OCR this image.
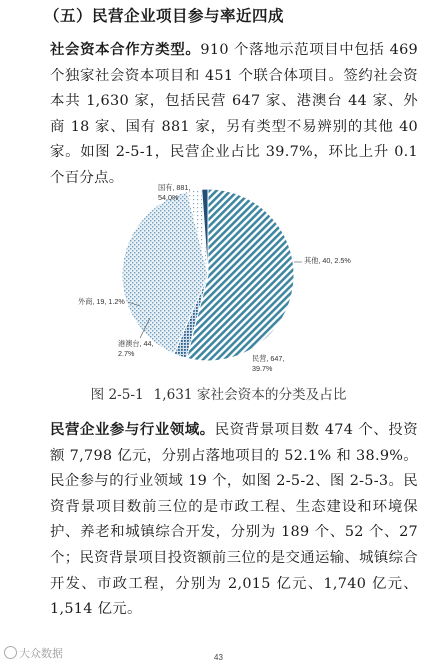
（五）民营企业项目参与率近四成

社会资本合作方类型。910 个落地示范项目中包括 469 个独家社会资本项目和 451 个联合体项目。签约社会资本共 1,630 家，包括民营 647 家、港澳台 44 家、外商 18 家、国有 881 家，另有类型不易辨别的其他 40 家。如图 2-5-1，民营企业占比 39.7%，环比上升 0.1 个百分点。

国有, 881,
54.0%
其他, 40, 2.5%
民营, 647,
39.7%
港澳台, 44,
2.7%
外商, 19, 1.2%
图 2-5-1 1,631 家社会资本的分类及占比

民营企业参与行业领域。民资背景项目数 474 个、投资额 7,798 亿元，分别占落地项目的 52.1% 和 38.9%。民企参与的行业领域 19 个，如图 2-5-2、图 2-5-3。民资背景项目数前三位的是市政工程、生态建设和环境保护、养老和城镇综合开发，分别为 189 个、52 个、27 个；民资背景项目投资额前三位的是交通运输、城镇综合开发、市政工程，分别为 2,015 亿元、1,740 亿元、1,514 亿元。

大众数据	43
